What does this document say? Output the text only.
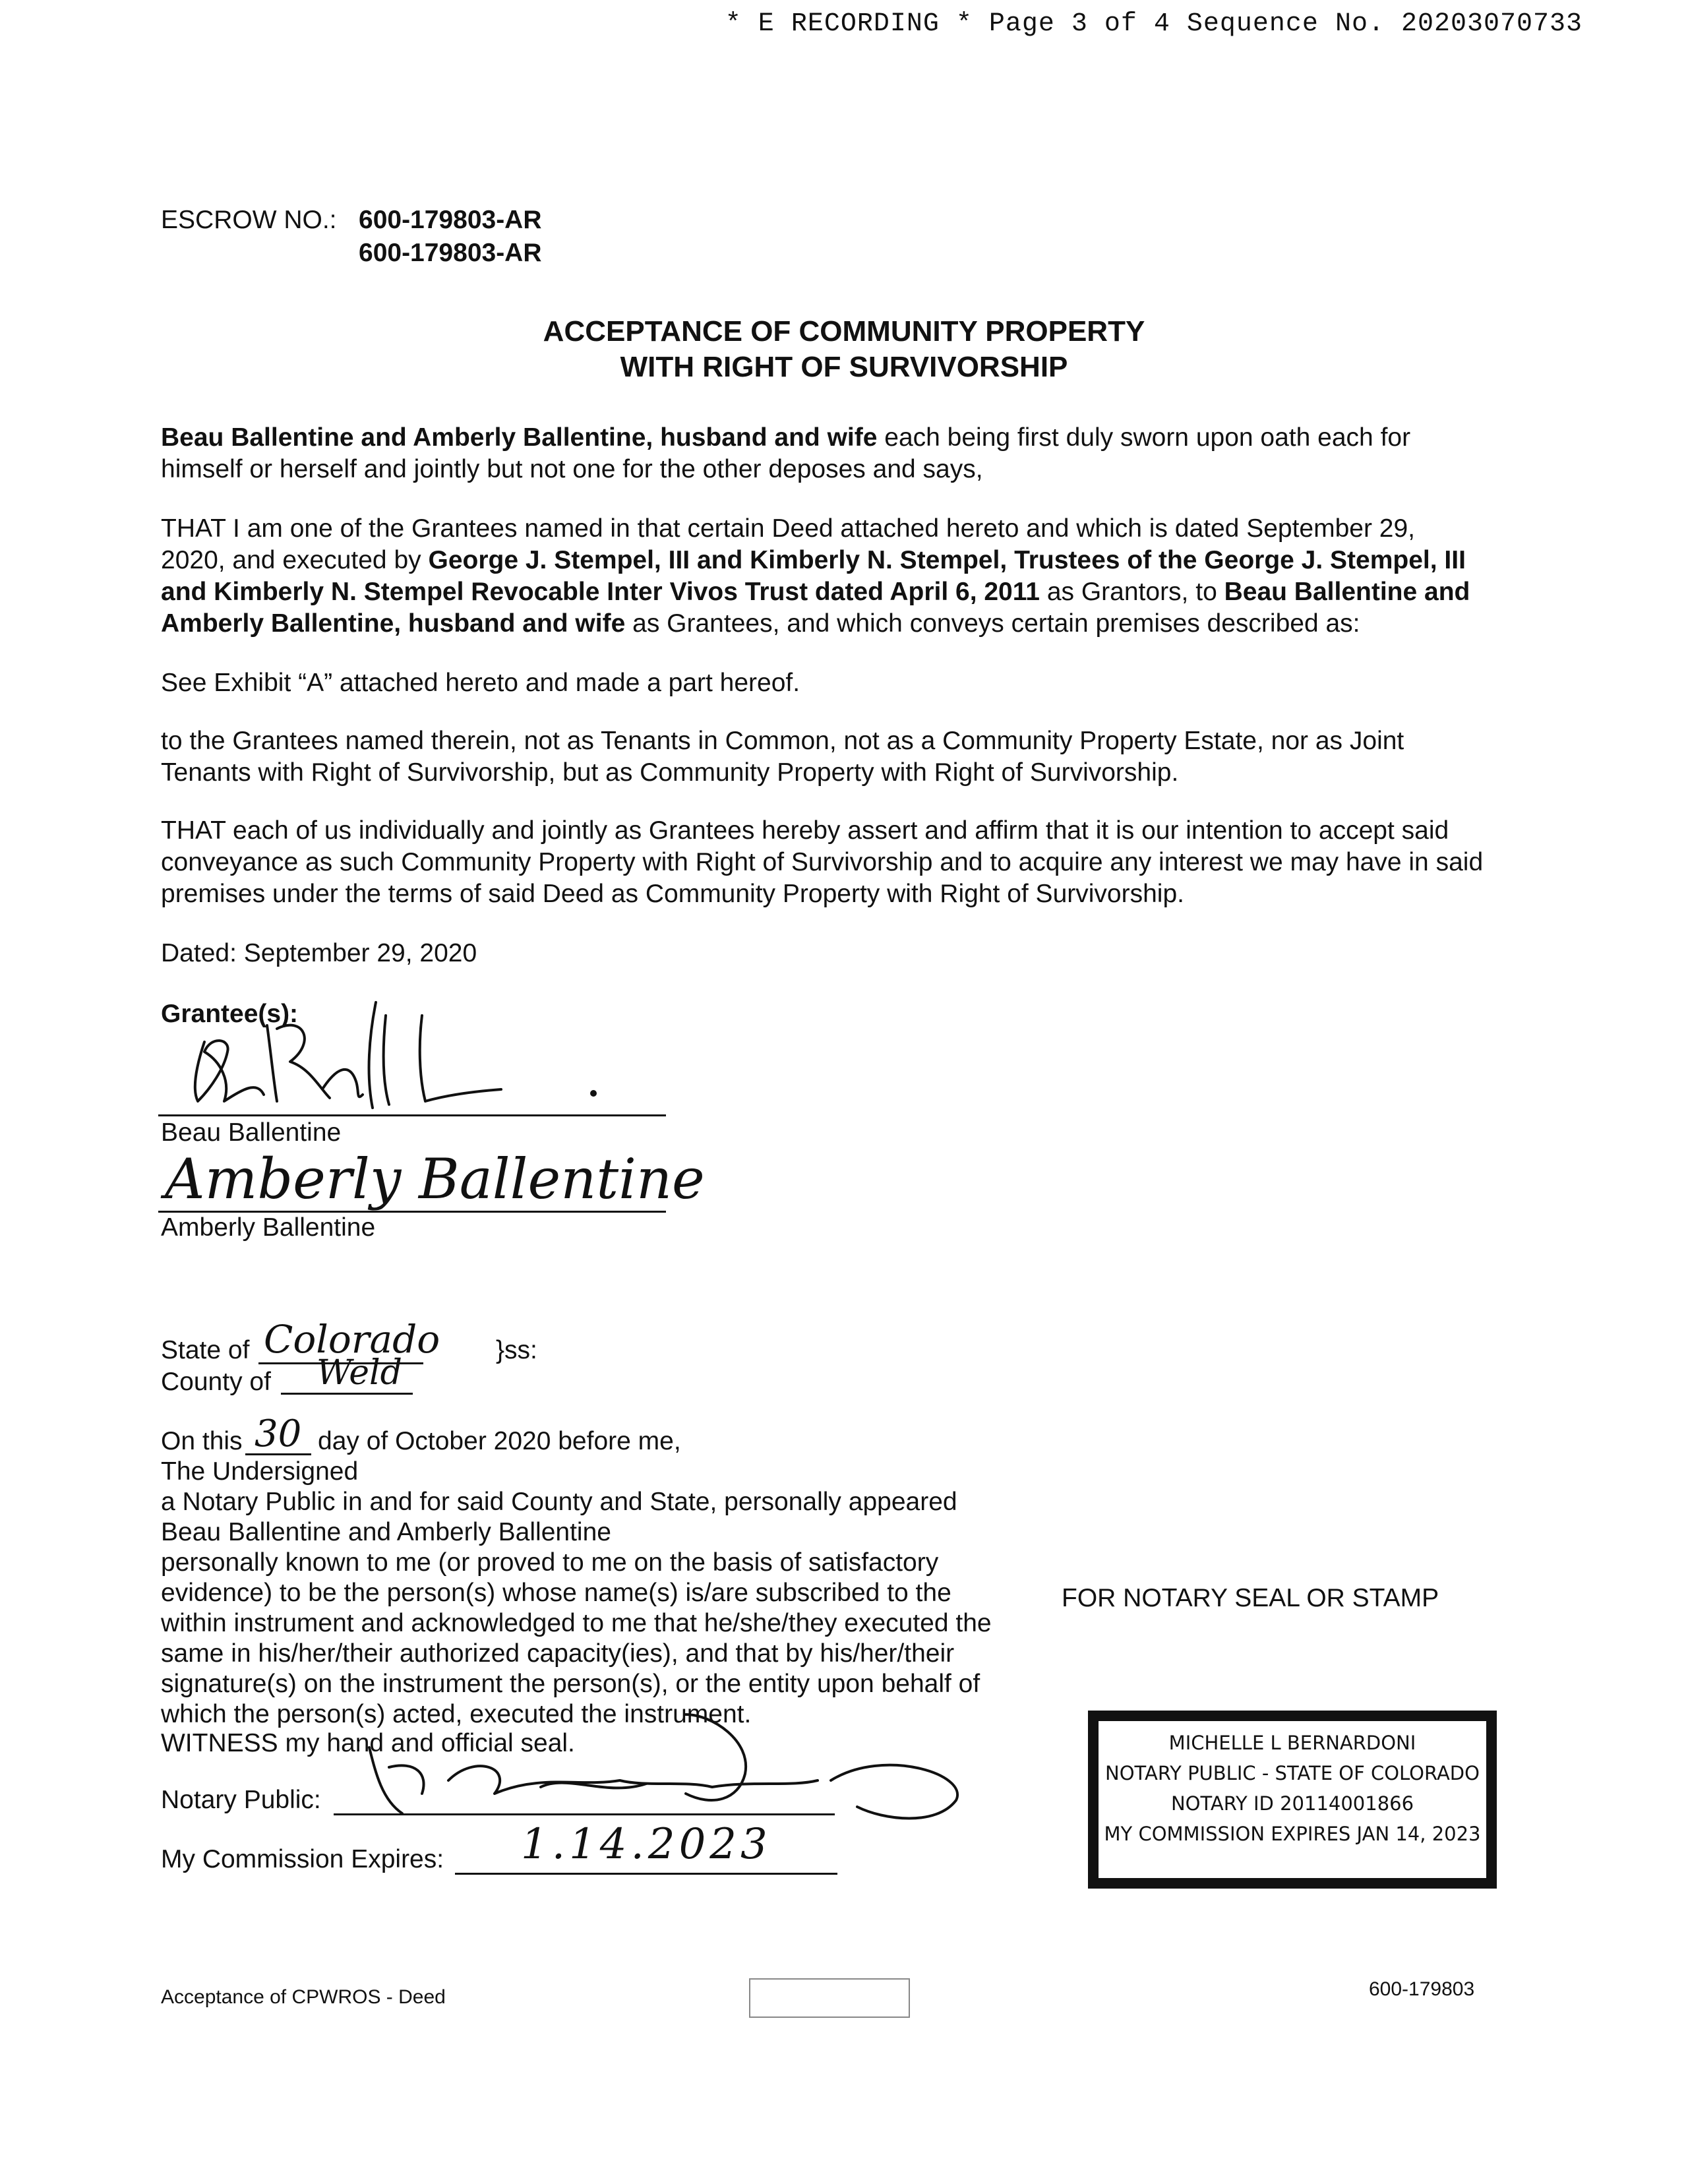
* E RECORDING * Page 3 of 4 Sequence No. 20203070733
ESCROW NO.: 600-179803-AR
600-179803-AR
ACCEPTANCE OF COMMUNITY PROPERTY
WITH RIGHT OF SURVIVORSHIP
Beau Ballentine and Amberly Ballentine, husband and wife each being first duly sworn upon oath each for himself or herself and jointly but not one for the other deposes and says,
THAT I am one of the Grantees named in that certain Deed attached hereto and which is dated September 29, 2020, and executed by George J. Stempel, III and Kimberly N. Stempel, Trustees of the George J. Stempel, III and Kimberly N. Stempel Revocable Inter Vivos Trust dated April 6, 2011 as Grantors, to Beau Ballentine and Amberly Ballentine, husband and wife as Grantees, and which conveys certain premises described as:
See Exhibit “A” attached hereto and made a part hereof.
to the Grantees named therein, not as Tenants in Common, not as a Community Property Estate, nor as Joint Tenants with Right of Survivorship, but as Community Property with Right of Survivorship.
THAT each of us individually and jointly as Grantees hereby assert and affirm that it is our intention to accept said conveyance as such Community Property with Right of Survivorship and to acquire any interest we may have in said premises under the terms of said Deed as Community Property with Right of Survivorship.
Dated: September 29, 2020
Grantee(s):
Beau Ballentine
Amberly Ballentine
Amberly Ballentine
State of Colorado }ss:
County of Weld
On this 30 day of October 2020 before me,
The Undersigned
a Notary Public in and for said County and State, personally appeared
Beau Ballentine and Amberly Ballentine
personally known to me (or proved to me on the basis of satisfactory
evidence) to be the person(s) whose name(s) is/are subscribed to the
within instrument and acknowledged to me that he/she/they executed the
same in his/her/their authorized capacity(ies), and that by his/her/their
signature(s) on the instrument the person(s), or the entity upon behalf of
which the person(s) acted, executed the instrument.
WITNESS my hand and official seal.
Notary Public:
My Commission Expires: 1.14.2023
FOR NOTARY SEAL OR STAMP
MICHELLE L BERNARDONI
NOTARY PUBLIC - STATE OF COLORADO
NOTARY ID 20114001866
MY COMMISSION EXPIRES JAN 14, 2023
Acceptance of CPWROS - Deed	600-179803
